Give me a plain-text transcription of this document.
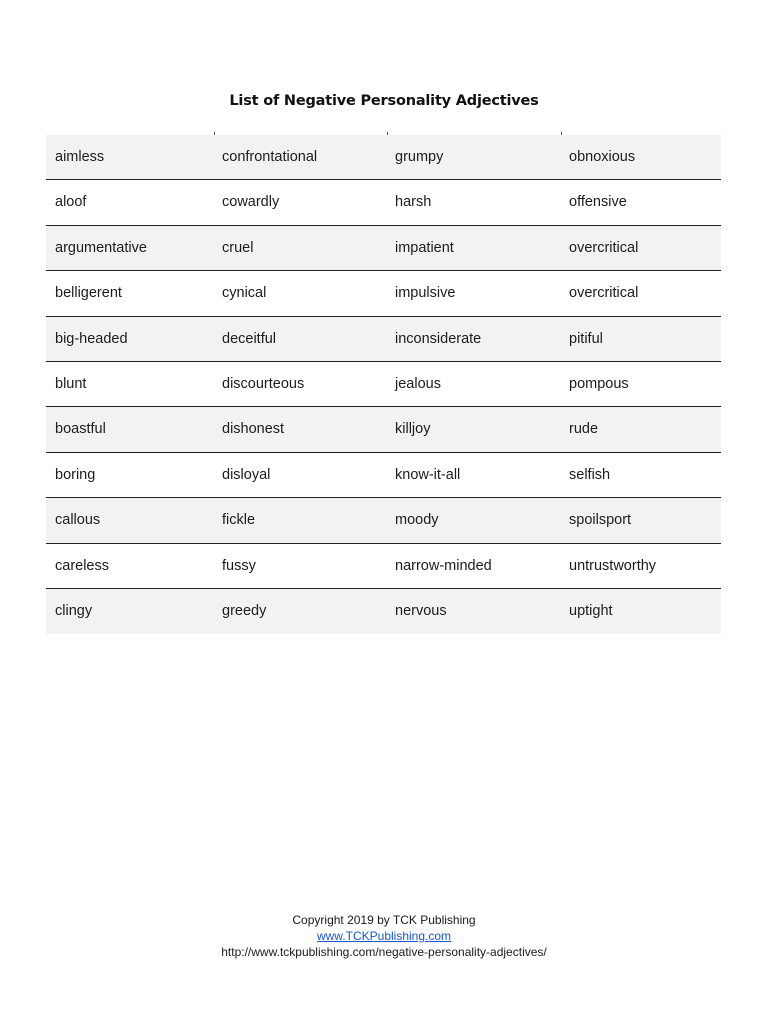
List of Negative Personality Adjectives
aimless	confrontational	grumpy	obnoxious
aloof	cowardly	harsh	offensive
argumentative	cruel	impatient	overcritical
belligerent	cynical	impulsive	overcritical
big-headed	deceitful	inconsiderate	pitiful
blunt	discourteous	jealous	pompous
boastful	dishonest	killjoy	rude
boring	disloyal	know-it-all	selfish
callous	fickle	moody	spoilsport
careless	fussy	narrow-minded	untrustworthy
clingy	greedy	nervous	uptight
Copyright 2019 by TCK Publishing
www.TCKPublishing.com
http://www.tckpublishing.com/negative-personality-adjectives/
